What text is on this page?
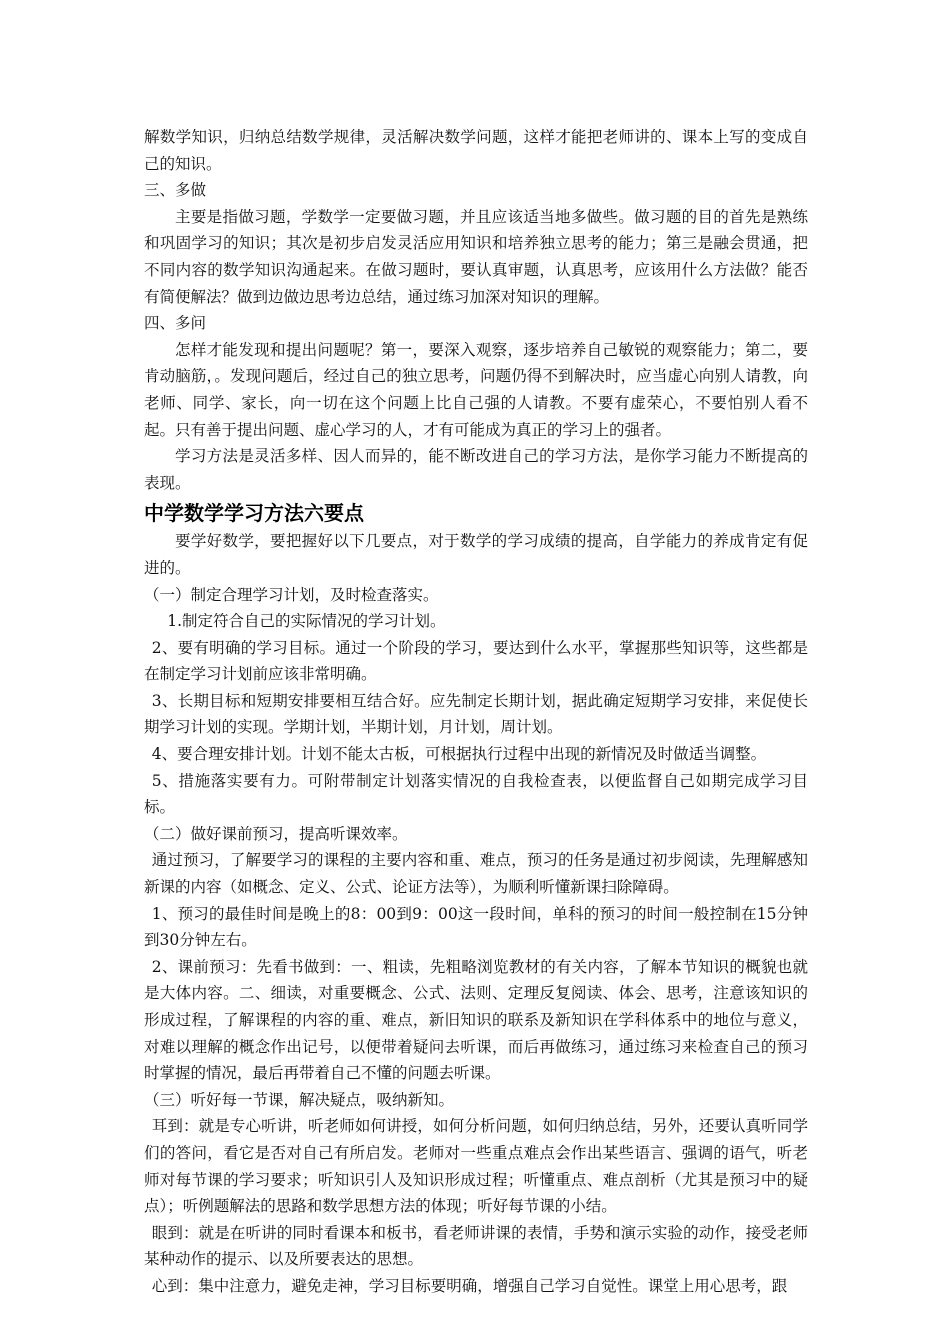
解数学知识，归纳总结数学规律，灵活解决数学问题，这样才能把老师讲的、课本上写的变成自己的知识。

三、多做

主要是指做习题，学数学一定要做习题，并且应该适当地多做些。做习题的目的首先是熟练和巩固学习的知识；其次是初步启发灵活应用知识和培养独立思考的能力；第三是融会贯通，把不同内容的数学知识沟通起来。在做习题时，要认真审题，认真思考，应该用什么方法做？能否有简便解法？做到边做边思考边总结，通过练习加深对知识的理解。

四、多问

怎样才能发现和提出问题呢？第一，要深入观察，逐步培养自己敏锐的观察能力；第二，要肯动脑筋，。发现问题后，经过自己的独立思考，问题仍得不到解决时，应当虚心向别人请教，向老师、同学、家长，向一切在这个问题上比自己强的人请教。不要有虚荣心，不要怕别人看不起。只有善于提出问题、虚心学习的人，才有可能成为真正的学习上的强者。

学习方法是灵活多样、因人而异的，能不断改进自己的学习方法，是你学习能力不断提高的表现。

中学数学学习方法六要点

要学好数学，要把握好以下几要点，对于数学的学习成绩的提高，自学能力的养成肯定有促进的。

（一）制定合理学习计划，及时检查落实。

1.制定符合自己的实际情况的学习计划。

2、要有明确的学习目标。通过一个阶段的学习，要达到什么水平，掌握那些知识等，这些都是在制定学习计划前应该非常明确。

3、长期目标和短期安排要相互结合好。应先制定长期计划，据此确定短期学习安排，来促使长期学习计划的实现。学期计划，半期计划，月计划，周计划。

4、要合理安排计划。计划不能太古板，可根据执行过程中出现的新情况及时做适当调整。

5、措施落实要有力。可附带制定计划落实情况的自我检查表，以便监督自己如期完成学习目标。

（二）做好课前预习，提高听课效率。

通过预习，了解要学习的课程的主要内容和重、难点，预习的任务是通过初步阅读，先理解感知新课的内容（如概念、定义、公式、论证方法等），为顺利听懂新课扫除障碍。

1、预习的最佳时间是晚上的8：00到9：00这一段时间，单科的预习的时间一般控制在15分钟到30分钟左右。

2、课前预习：先看书做到：一、粗读，先粗略浏览教材的有关内容，了解本节知识的概貌也就是大体内容。二、细读，对重要概念、公式、法则、定理反复阅读、体会、思考，注意该知识的形成过程，了解课程的内容的重、难点，新旧知识的联系及新知识在学科体系中的地位与意义，对难以理解的概念作出记号，以便带着疑问去听课，而后再做练习，通过练习来检查自己的预习时掌握的情况，最后再带着自己不懂的问题去听课。

（三）听好每一节课，解决疑点，吸纳新知。

耳到：就是专心听讲，听老师如何讲授，如何分析问题，如何归纳总结，另外，还要认真听同学们的答问，看它是否对自己有所启发。老师对一些重点难点会作出某些语言、强调的语气，听老师对每节课的学习要求；听知识引人及知识形成过程；听懂重点、难点剖析（尤其是预习中的疑点）；听例题解法的思路和数学思想方法的体现；听好每节课的小结。

眼到：就是在听讲的同时看课本和板书，看老师讲课的表情，手势和演示实验的动作，接受老师某种动作的提示、以及所要表达的思想。

心到：集中注意力，避免走神，学习目标要明确，增强自己学习自觉性。课堂上用心思考，跟
